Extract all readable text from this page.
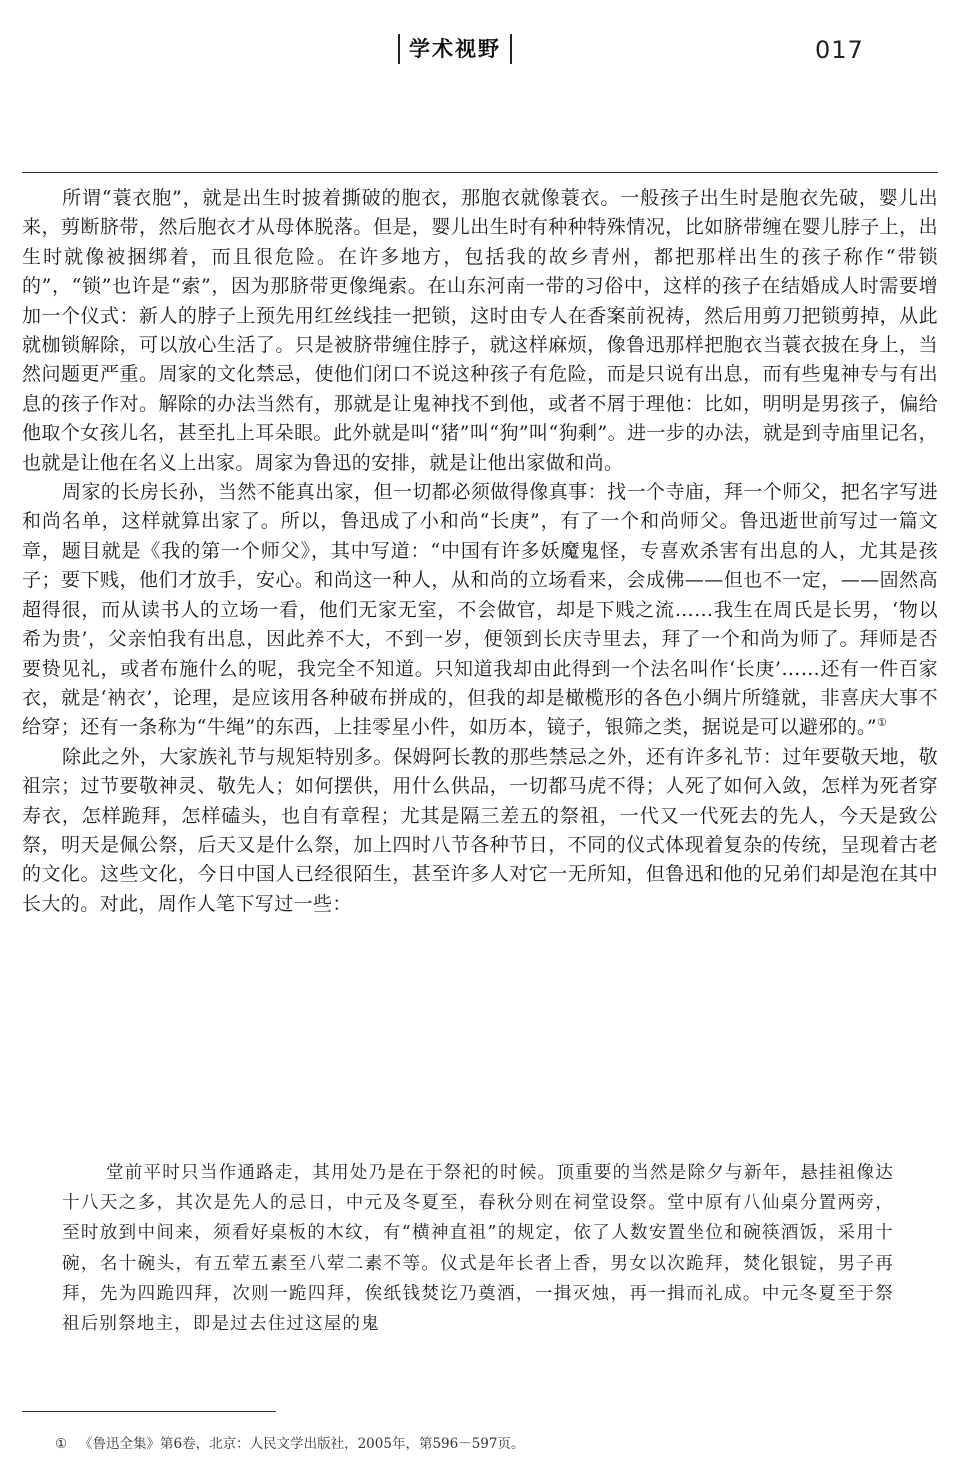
学术视野	017

所谓“蓑衣胞”，就是出生时披着撕破的胞衣，那胞衣就像蓑衣。一般孩子出生时是胞衣先破，婴儿出来，剪断脐带，然后胞衣才从母体脱落。但是，婴儿出生时有种种特殊情况，比如脐带缠在婴儿脖子上，出生时就像被捆绑着，而且很危险。在许多地方，包括我的故乡青州，都把那样出生的孩子称作“带锁的”，“锁”也许是“索”，因为那脐带更像绳索。在山东河南一带的习俗中，这样的孩子在结婚成人时需要增加一个仪式：新人的脖子上预先用红丝线挂一把锁，这时由专人在香案前祝祷，然后用剪刀把锁剪掉，从此就枷锁解除，可以放心生活了。只是被脐带缠住脖子，就这样麻烦，像鲁迅那样把胞衣当蓑衣披在身上，当然问题更严重。周家的文化禁忌，使他们闭口不说这种孩子有危险，而是只说有出息，而有些鬼神专与有出息的孩子作对。解除的办法当然有，那就是让鬼神找不到他，或者不屑于理他：比如，明明是男孩子，偏给他取个女孩儿名，甚至扎上耳朵眼。此外就是叫“猪”叫“狗”叫“狗剩”。进一步的办法，就是到寺庙里记名，也就是让他在名义上出家。周家为鲁迅的安排，就是让他出家做和尚。

周家的长房长孙，当然不能真出家，但一切都必须做得像真事：找一个寺庙，拜一个师父，把名字写进和尚名单，这样就算出家了。所以，鲁迅成了小和尚“长庚”，有了一个和尚师父。鲁迅逝世前写过一篇文章，题目就是《我的第一个师父》，其中写道：“中国有许多妖魔鬼怪，专喜欢杀害有出息的人，尤其是孩子；要下贱，他们才放手，安心。和尚这一种人，从和尚的立场看来，会成佛——但也不一定，——固然高超得很，而从读书人的立场一看，他们无家无室，不会做官，却是下贱之流……我生在周氏是长男，‘物以希为贵’，父亲怕我有出息，因此养不大，不到一岁，便领到长庆寺里去，拜了一个和尚为师了。拜师是否要贽见礼，或者布施什么的呢，我完全不知道。只知道我却由此得到一个法名叫作‘长庚’……还有一件百家衣，就是‘衲衣’，论理，是应该用各种破布拼成的，但我的却是橄榄形的各色小绸片所缝就，非喜庆大事不给穿；还有一条称为“牛绳”的东西，上挂零星小件，如历本，镜子，银筛之类，据说是可以避邪的。”①

除此之外，大家族礼节与规矩特别多。保姆阿长教的那些禁忌之外，还有许多礼节：过年要敬天地，敬祖宗；过节要敬神灵、敬先人；如何摆供，用什么供品，一切都马虎不得；人死了如何入敛，怎样为死者穿寿衣，怎样跪拜，怎样磕头，也自有章程；尤其是隔三差五的祭祖，一代又一代死去的先人，今天是致公祭，明天是佩公祭，后天又是什么祭，加上四时八节各种节日，不同的仪式体现着复杂的传统，呈现着古老的文化。这些文化，今日中国人已经很陌生，甚至许多人对它一无所知，但鲁迅和他的兄弟们却是泡在其中长大的。对此，周作人笔下写过一些：

堂前平时只当作通路走，其用处乃是在于祭祀的时候。顶重要的当然是除夕与新年，悬挂祖像达十八天之多，其次是先人的忌日，中元及冬夏至，春秋分则在祠堂设祭。堂中原有八仙桌分置两旁，至时放到中间来，须看好桌板的木纹，有“横神直祖”的规定，依了人数安置坐位和碗筷酒饭，采用十碗，名十碗头，有五荤五素至八荤二素不等。仪式是年长者上香，男女以次跪拜，焚化银锭，男子再拜，先为四跪四拜，次则一跪四拜，俟纸钱焚讫乃奠酒，一揖灭烛，再一揖而礼成。中元冬夏至于祭祖后别祭地主，即是过去住过这屋的鬼

① 《鲁迅全集》第6卷，北京：人民文学出版社，2005年，第596－597页。
